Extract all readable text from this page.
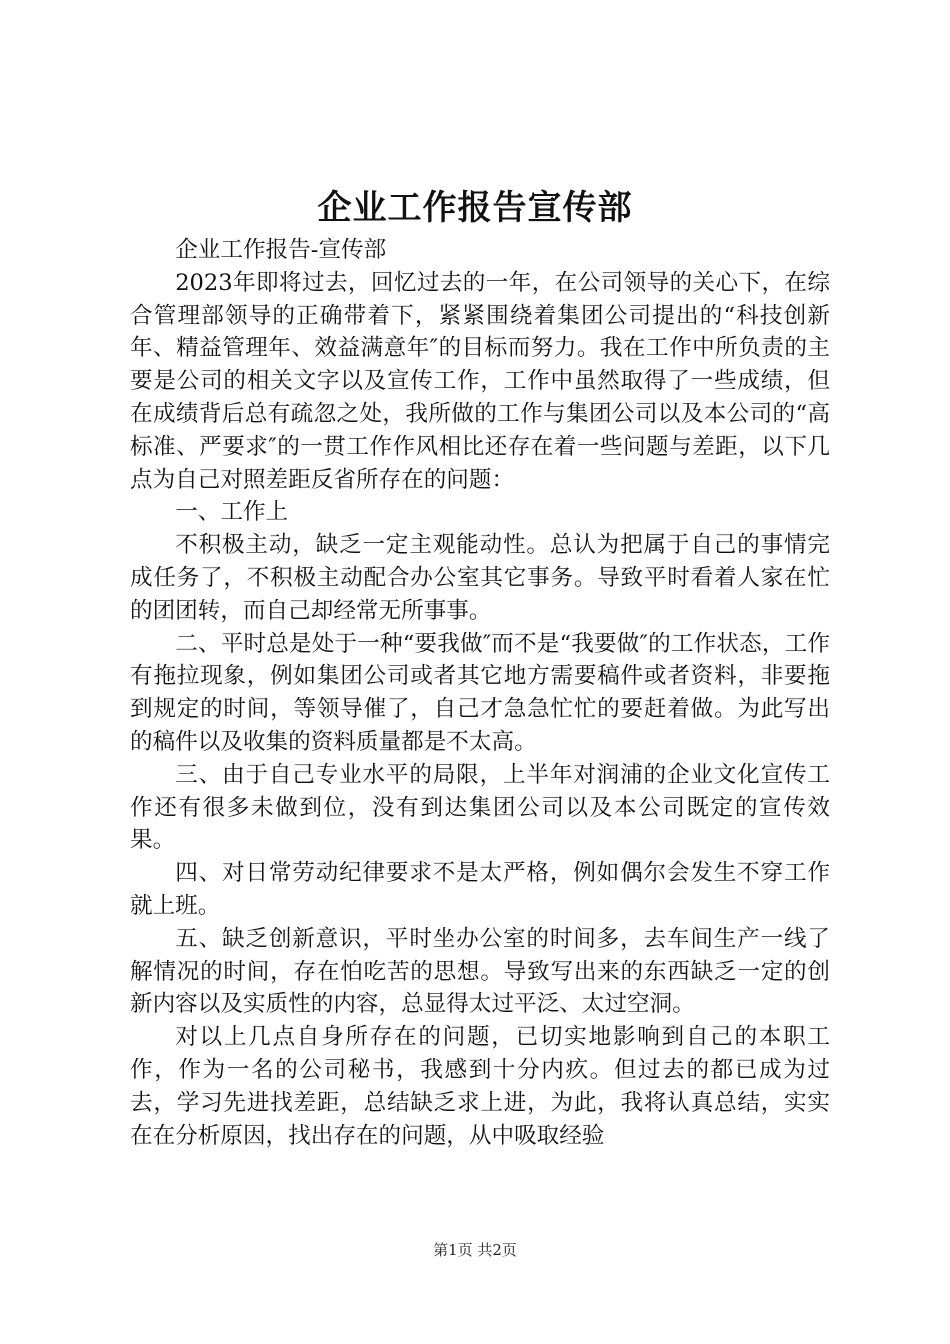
企业工作报告宣传部

企业工作报告-宣传部

2023年即将过去，回忆过去的一年，在公司领导的关心下，在综合管理部领导的正确带着下，紧紧围绕着集团公司提出的“科技创新年、精益管理年、效益满意年″的目标而努力。我在工作中所负责的主要是公司的相关文字以及宣传工作，工作中虽然取得了一些成绩，但在成绩背后总有疏忽之处，我所做的工作与集团公司以及本公司的“高标准、严要求″的一贯工作作风相比还存在着一些问题与差距，以下几点为自己对照差距反省所存在的问题：

一、工作上

不积极主动，缺乏一定主观能动性。总认为把属于自己的事情完成任务了，不积极主动配合办公室其它事务。导致平时看着人家在忙的团团转，而自己却经常无所事事。

二、平时总是处于一种“要我做″而不是“我要做″的工作状态，工作有拖拉现象，例如集团公司或者其它地方需要稿件或者资料，非要拖到规定的时间，等领导催了，自己才急急忙忙的要赶着做。为此写出的稿件以及收集的资料质量都是不太高。

三、由于自己专业水平的局限，上半年对润浦的企业文化宣传工作还有很多未做到位，没有到达集团公司以及本公司既定的宣传效果。

四、对日常劳动纪律要求不是太严格，例如偶尔会发生不穿工作就上班。

五、缺乏创新意识，平时坐办公室的时间多，去车间生产一线了解情况的时间，存在怕吃苦的思想。导致写出来的东西缺乏一定的创新内容以及实质性的内容，总显得太过平泛、太过空洞。

对以上几点自身所存在的问题，已切实地影响到自己的本职工作，作为一名的公司秘书，我感到十分内疚。但过去的都已成为过去，学习先进找差距，总结缺乏求上进，为此，我将认真总结，实实在在分析原因，找出存在的问题，从中吸取经验

第1页 共2页
